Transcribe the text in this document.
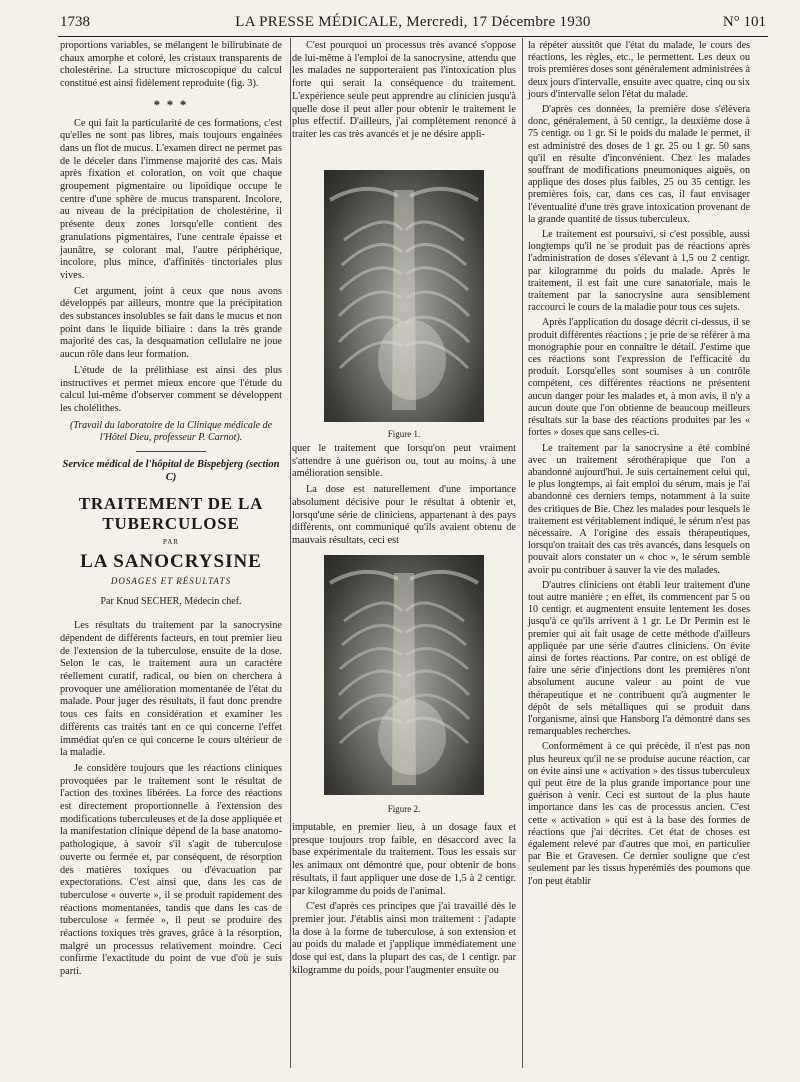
1738	LA PRESSE MÉDICALE, Mercredi, 17 Décembre 1930	N° 101

proportions variables, se mélangent le bilirubinate de chaux amorphe et coloré, les cristaux transparents de cholestérine. La structure microscopique du calcul constitué est ainsi fidèlement reproduite (fig. 3).

* * *

Ce qui fait la particularité de ces formations, c'est qu'elles ne sont pas libres, mais toujours engainées dans un flot de mucus. L'examen direct ne permet pas de le déceler dans l'immense majorité des cas. Mais après fixation et coloration, on voit que chaque groupement pigmentaire ou lipoïdique occupe le centre d'une sphère de mucus transparent. Incolore, au niveau de la précipitation de cholestérine, il présente deux zones lorsqu'elle contient des granulations pigmentaires, l'une centrale épaisse et jaunâtre, se colorant mal, l'autre périphérique, incolore, plus mince, d'affinités tinctoriales plus vives.

Cet argument, joint à ceux que nous avons développés par ailleurs, montre que la précipitation des substances insolubles se fait dans le mucus et non point dans le liquide biliaire : dans la très grande majorité des cas, la desquamation cellulaire ne joue aucun rôle dans leur formation.

L'étude de la prélithiase est ainsi des plus instructives et permet mieux encore que l'étude du calcul lui-même d'observer comment se développent les cholélithes.

(Travail du laboratoire de la Clinique médicale de l'Hôtel Dieu, professeur P. Carnot).

Service médical de l'hôpital de Bispebjerg (section C)
TRAITEMENT DE LA TUBERCULOSE
PAR
LA SANOCRYSINE
DOSAGES ET RÉSULTATS
Par Knud SECHER, Médecin chef.

Les résultats du traitement par la sanocrysine dépendent de différents facteurs, en tout premier lieu de l'extension de la tuberculose, ensuite de la dose. Selon le cas, le traitement aura un caractère réellement curatif, radical, ou bien on cherchera à provoquer une amélioration momentanée de l'état du malade. Pour juger des résultats, il faut donc prendre tous ces faits en considération et examiner les différents cas traités tant en ce qui concerne l'effet immédiat qu'en ce qui concerne le cours ultérieur de la maladie.

Je considère toujours que les réactions cliniques provoquées par le traitement sont le résultat de l'action des toxines libérées. La force des réactions est directement proportionnelle à l'extension des modifications tuberculeuses et de la dose appliquée et la manifestation clinique dépend de la base anatomo-pathologique, à savoir s'il s'agit de tuberculose ouverte ou fermée et, par conséquent, de résorption des matières toxiques ou d'évacuation par expectorations. C'est ainsi que, dans les cas de tuberculose « ouverte », il se produit rapidement des réactions momentanées, tandis que dans les cas de tuberculose « fermée », il peut se produire des réactions toxiques très graves, grâce à la résorption, malgré un processus relativement moindre. Ceci confirme l'exactitude du point de vue d'où je suis parti.

C'est pourquoi un processus très avancé s'oppose de lui-même à l'emploi de la sanocrysine, attendu que les malades ne supporteraient pas l'intoxication plus forte qui serait la conséquence du traitement. L'expérience seule peut apprendre au clinicien jusqu'à quelle dose il peut aller pour obtenir le traitement le plus effectif. D'ailleurs, j'ai complètement renoncé à traiter les cas très avancés et je ne désire appli-

Figure 1.

quer le traitement que lorsqu'on peut vraiment s'attendre à une guérison ou, tout au moins, à une amélioration sensible.

La dose est naturellement d'une importance absolument décisive pour le résultat à obtenir et, lorsqu'une série de cliniciens, appartenant à des pays différents, ont communiqué qu'ils avaient obtenu de mauvais résultats, ceci est

Figure 2.

imputable, en premier lieu, à un dosage faux et presque toujours trop faible, en désaccord avec la base expérimentale du traitement. Tous les essais sur les animaux ont démontré que, pour obtenir de bons résultats, il faut appliquer une dose de 1,5 à 2 centigr. par kilogramme du poids de l'animal.

C'est d'après ces principes que j'ai travaillé dès le premier jour. J'établis ainsi mon traitement : j'adapte la dose à la forme de tuberculose, à son extension et au poids du malade et j'applique immédiatement une dose qui est, dans la plupart des cas, de 1 centigr. par kilogramme du poids, pour l'augmenter ensuite ou

la répéter aussitôt que l'état du malade, le cours des réactions, les règles, etc., le permettent. Les deux ou trois premières doses sont généralement administrées à deux jours d'intervalle, ensuite avec quatre, cinq ou six jours d'intervalle selon l'état du malade.

D'après ces données, la première dose s'élèvera donc, généralement, à 50 centigr., la deuxième dose à 75 centigr. ou 1 gr. Si le poids du malade le permet, il est administré des doses de 1 gr. 25 ou 1 gr. 50 sans qu'il en résulte d'inconvénient. Chez les malades souffrant de modifications pneumoniques aiguës, on applique des doses plus faibles, 25 ou 35 centigr. les premières fois, car, dans ces cas, il faut envisager l'éventualité d'une très grave intoxication provenant de la grande quantité de tissus tuberculeux.

Le traitement est poursuivi, si c'est possible, aussi longtemps qu'il ne se produit pas de réactions après l'administration de doses s'élevant à 1,5 ou 2 centigr. par kilogramme du poids du malade. Après le traitement, il est fait une cure sanatoriale, mais le traitement par la sanocrysine aura sensiblement raccourci le cours de la maladie pour tous ces sujets.

Après l'application du dosage décrit ci-dessus, il se produit différentes réactions ; je prie de se référer à ma monographie pour en connaître le détail. J'estime que ces réactions sont l'expression de l'efficacité du produit. Lorsqu'elles sont soumises à un contrôle compétent, ces différentes réactions ne présentent aucun danger pour les malades et, à mon avis, il n'y a aucun doute que l'on obtienne de beaucoup meilleurs résultats sur la base des réactions produites par les « fortes » doses que sans celles-ci.

Le traitement par la sanocrysine a été combiné avec un traitement sérothérapique que l'on a abandonné aujourd'hui. Je suis certainement celui qui, le plus longtemps, ai fait emploi du sérum, mais je l'ai abandonné ces derniers temps, notamment à la suite des critiques de Bie. Chez les malades pour lesquels le traitement est véritablement indiqué, le sérum n'est pas nécessaire. A l'origine des essais thérapeutiques, lorsqu'on traitait des cas très avancés, dans lesquels on pouvait alors constater un « choc », le sérum semble avoir pu contribuer à sauver la vie des malades.

D'autres cliniciens ont établi leur traitement d'une tout autre manière ; en effet, ils commencent par 5 ou 10 centigr. et augmentent ensuite lentement les doses jusqu'à ce qu'ils arrivent à 1 gr. Le Dr Permin est le premier qui ait fait usage de cette méthode d'ailleurs appliquée par une série d'autres cliniciens. On évite ainsi de fortes réactions. Par contre, on est obligé de faire une série d'injections dont les premières n'ont absolument aucune valeur au point de vue thérapeutique et ne contribuent qu'à augmenter le dépôt de sels métalliques qui se produit dans l'organisme, ainsi que Hansborg l'a démontré dans ses remarquables recherches.

Conformément à ce qui précède, il n'est pas non plus heureux qu'il ne se produise aucune réaction, car on évite ainsi une « activation » des tissus tuberculeux qui peut être de la plus grande importance pour une guérison à venir. Ceci est surtout de la plus haute importance dans les cas de processus ancien. C'est cette « activation » qui est à la base des formes de réactions que j'ai décrites. Cet état de choses est également relevé par d'autres que moi, en particulier par Bie et Gravesen. Ce dernier souligne que c'est seulement par les tissus hyperémiés des poumons que l'on peut établir
